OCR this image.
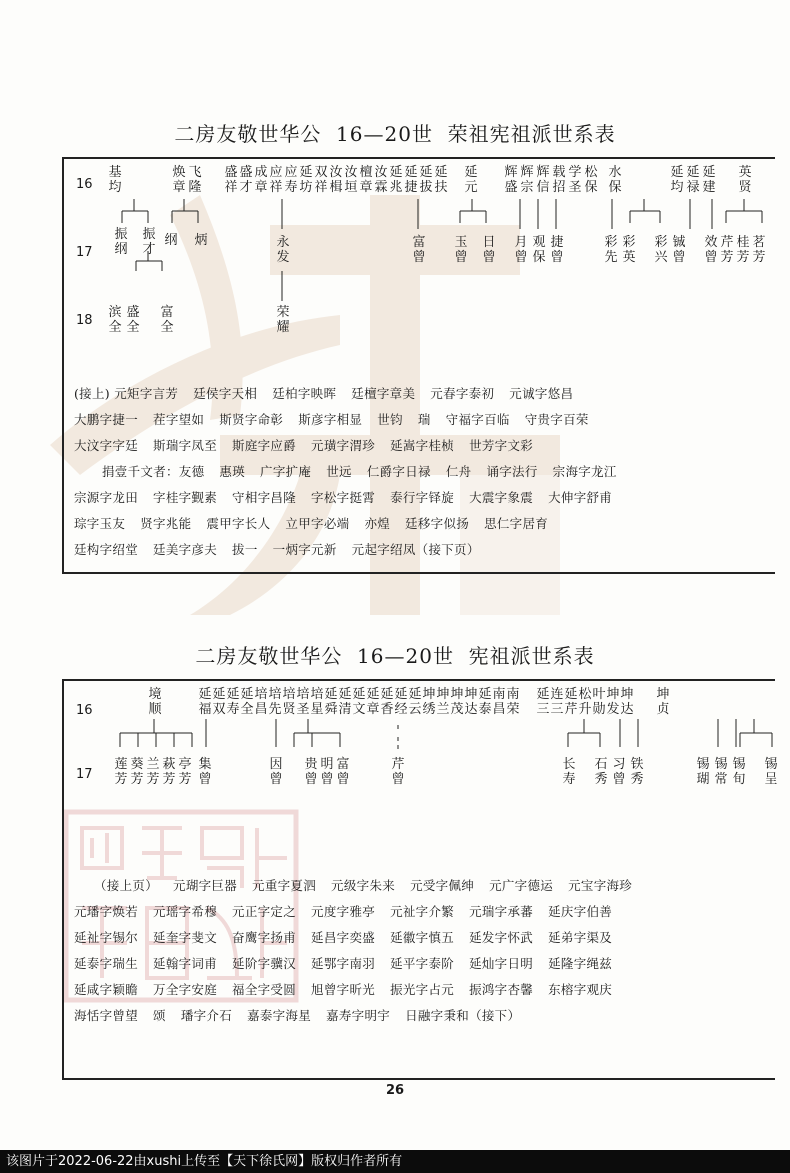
二房友敬世华公  16—20世  荣祖宪祖派世系表
16
17
18
基均
焕章
飞隆
盛祥
盛才
成章
应祥
应寿
延坊
双祥
汝楫
汝垣
檀章
汝霖
延兆
延捷
延拔
延扶
延元
辉盛
辉宗
辉信
载招
学圣
松保
水保
延均
延禄
延建
英贤
振纲
振才
纲 炳	永发
富曾
玉曾
日曾
月曾
观保
捷曾
彩先
彩英
彩兴
铖曾
效曾
芹芳
桂芳
茗芳
滨全
盛全
富全
荣耀
(接上) 元矩字言芳 廷侯字天相 廷柏字映晖 廷檀字章美 元春字泰初 元诚字悠昌
大鹏字捷一 茬字望如 斯贤字命彰 斯彦字相显 世钧 瑞 守福字百临 守贵字百荣
大汶字字廷 斯瑞字凤至 斯庭字应爵 元璜字渭珍 延嵩字桂桢 世芳字文彩
捐壹千文者：友德 惠瑛 广字扩庵 世远 仁爵字日禄 仁舟 诵字法行 宗海字龙江
宗源字龙田 字桂字觐素 守相字昌隆 字松字挺霄 泰行字铎旋 大震字象震 大伸字舒甫
琮字玉友 贤字兆能 震甲字长人 立甲字必端 亦煌 廷移字似扬 思仁字居育
廷构字绍堂 廷美字彦夫 拔一 一炳字元新 元起字绍凤（接下页）
二房友敬世华公  16—20世  宪祖派世系表
16
17
境顺
延福
延双
延寿
延全
培昌
培先
培贤
培圣
培星
延舜
延清
延文
延章
延香
延经
延云
坤绣
坤兰
坤茂
坤达
延泰
南昌
南荣
延三
连三
延芹
松升
叶勋
坤发
坤达
坤贞
莲芳
葵芳
兰芳
萩芳
亭芳
集曾
因曾
贵曾
明曾
富曾
芹曾
长寿
石秀
习曾
铁秀
锡瑚
锡常
锡旬
锡呈
（接上页） 元瑚字巨器 元重字夏泗 元级字朱来 元受字佩绅 元广字德运 元宝字海珍
元璠字焕若 元瑶字希穆 元正字定之 元度字雅亭 元祉字介繁 元瑞字承蕃 延庆字伯善
延祉字锡尔 延奎字斐文 奋鹰字扬甫 延昌字奕盛 延徽字慎五 延发字怀武 延弟字渠及
延泰字瑞生 延翰字词甫 延阶字骥汉 延鄂字南羽 延平字泰阶 延灿字日明 延隆字绳兹
延咸字颖瞻 万全字安庭 福全字受圆 旭曾字昕光 振光字占元 振鸿字杏馨 东榕字观庆
海恬字曾望 颂 璠字介石 嘉泰字海星 嘉寿字明宇 日融字秉和（接下）
26
该图片于2022-06-22由xushi上传至【天下徐氏网】版权归作者所有
